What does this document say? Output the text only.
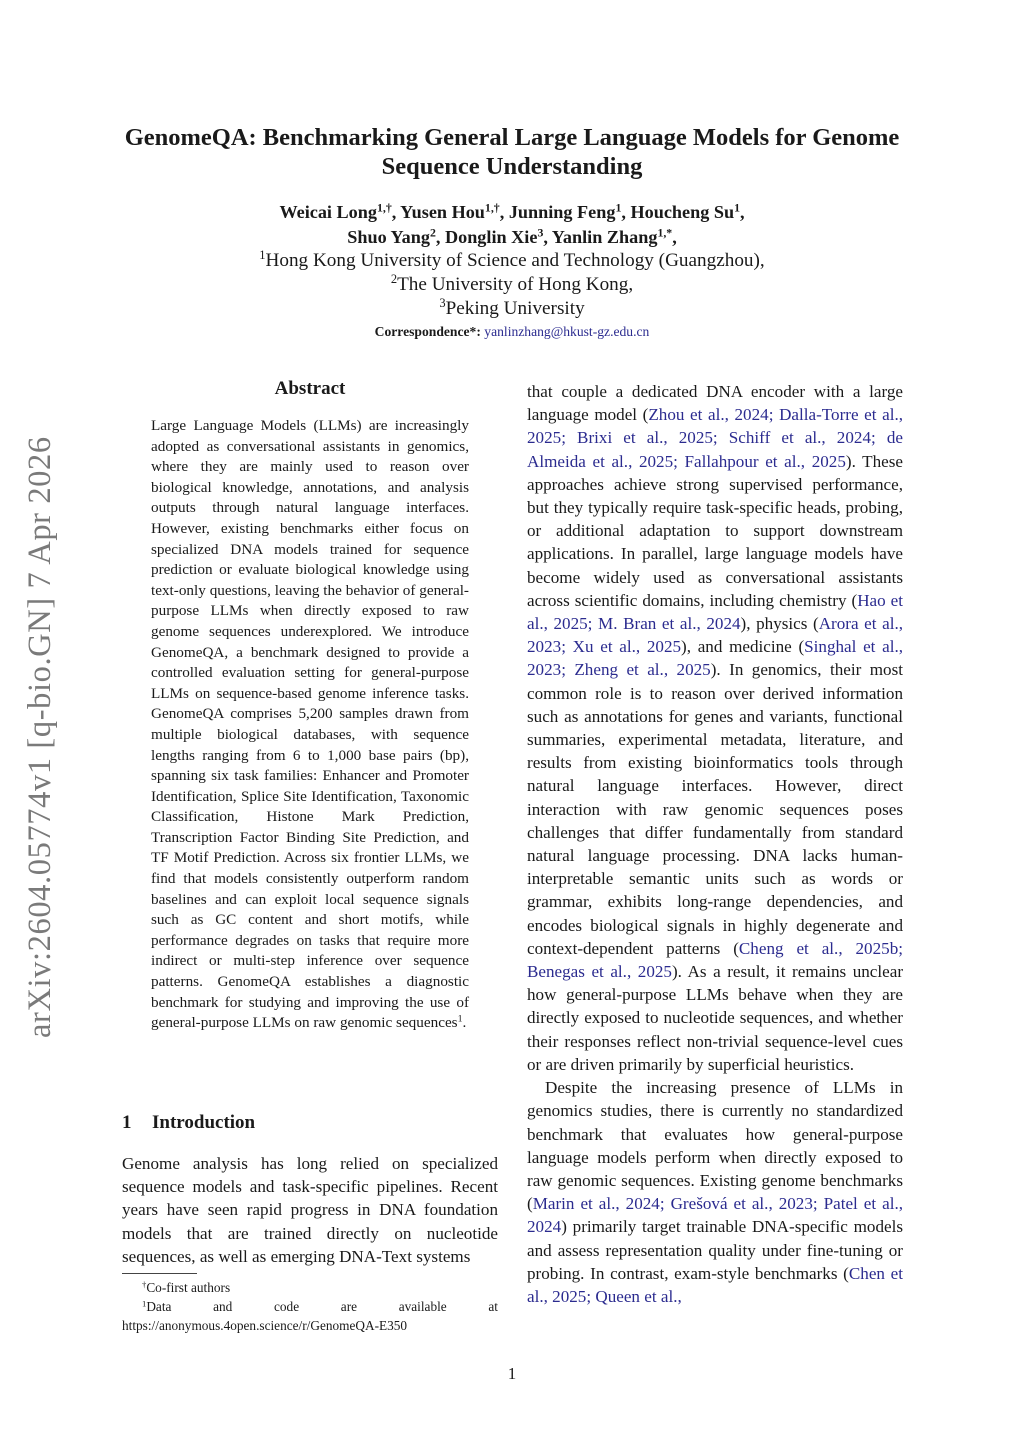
arXiv:2604.05774v1 [q-bio.GN] 7 Apr 2026
GenomeQA: Benchmarking General Large Language Models for Genome
Sequence Understanding
Weicai Long$^{1,\dagger}$, Yusen Hou$^{1,\dagger}$, Junning Feng$^1$, Houcheng Su$^1$,
Shuo Yang$^2$, Donglin Xie$^3$, Yanlin Zhang$^{1,*}$,
$^1$Hong Kong University of Science and Technology (Guangzhou),
$^2$The University of Hong Kong,
$^3$Peking University
Correspondence*: yanlinzhang@hkust-gz.edu.cn
Abstract
Large Language Models (LLMs) are increasingly adopted as conversational assistants in genomics, where they are mainly used to reason over biological knowledge, annotations, and analysis outputs through natural language interfaces. However, existing benchmarks either focus on specialized DNA models trained for sequence prediction or evaluate biological knowledge using text-only questions, leaving the behavior of general-purpose LLMs when directly exposed to raw genome sequences underexplored. We introduce GenomeQA, a benchmark designed to provide a controlled evaluation setting for general-purpose LLMs on sequence-based genome inference tasks. GenomeQA comprises 5,200 samples drawn from multiple biological databases, with sequence lengths ranging from 6 to 1,000 base pairs (bp), spanning six task families: Enhancer and Promoter Identification, Splice Site Identification, Taxonomic Classification, Histone Mark Prediction, Transcription Factor Binding Site Prediction, and TF Motif Prediction. Across six frontier LLMs, we find that models consistently outperform random baselines and can exploit local sequence signals such as GC content and short motifs, while performance degrades on tasks that require more indirect or multi-step inference over sequence patterns. GenomeQA establishes a diagnostic benchmark for studying and improving the use of general-purpose LLMs on raw genomic sequences$^1$.
1 Introduction
Genome analysis has long relied on specialized sequence models and task-specific pipelines. Recent years have seen rapid progress in DNA foundation models that are trained directly on nucleotide sequences, as well as emerging DNA-Text systems
†Co-first authors
$^1$Data and code are available at
https://anonymous.4open.science/r/GenomeQA-E350

that couple a dedicated DNA encoder with a large language model (Zhou et al., 2024; Dalla-Torre et al., 2025; Brixi et al., 2025; Schiff et al., 2024; de Almeida et al., 2025; Fallahpour et al., 2025). These approaches achieve strong supervised performance, but they typically require task-specific heads, probing, or additional adaptation to support downstream applications. In parallel, large language models have become widely used as conversational assistants across scientific domains, including chemistry (Hao et al., 2025; M. Bran et al., 2024), physics (Arora et al., 2023; Xu et al., 2025), and medicine (Singhal et al., 2023; Zheng et al., 2025). In genomics, their most common role is to reason over derived information such as annotations for genes and variants, functional summaries, experimental metadata, literature, and results from existing bioinformatics tools through natural language interfaces. However, direct interaction with raw genomic sequences poses challenges that differ fundamentally from standard natural language processing. DNA lacks human-interpretable semantic units such as words or grammar, exhibits long-range dependencies, and encodes biological signals in highly degenerate and context-dependent patterns (Cheng et al., 2025b; Benegas et al., 2025). As a result, it remains unclear how general-purpose LLMs behave when they are directly exposed to nucleotide sequences, and whether their responses reflect non-trivial sequence-level cues or are driven primarily by superficial heuristics.

Despite the increasing presence of LLMs in genomics studies, there is currently no standardized benchmark that evaluates how general-purpose language models perform when directly exposed to raw genomic sequences. Existing genome benchmarks (Marin et al., 2024; Grešová et al., 2023; Patel et al., 2024) primarily target trainable DNA-specific models and assess representation quality under fine-tuning or probing. In contrast, exam-style benchmarks (Chen et al., 2025; Queen et al.,

1
